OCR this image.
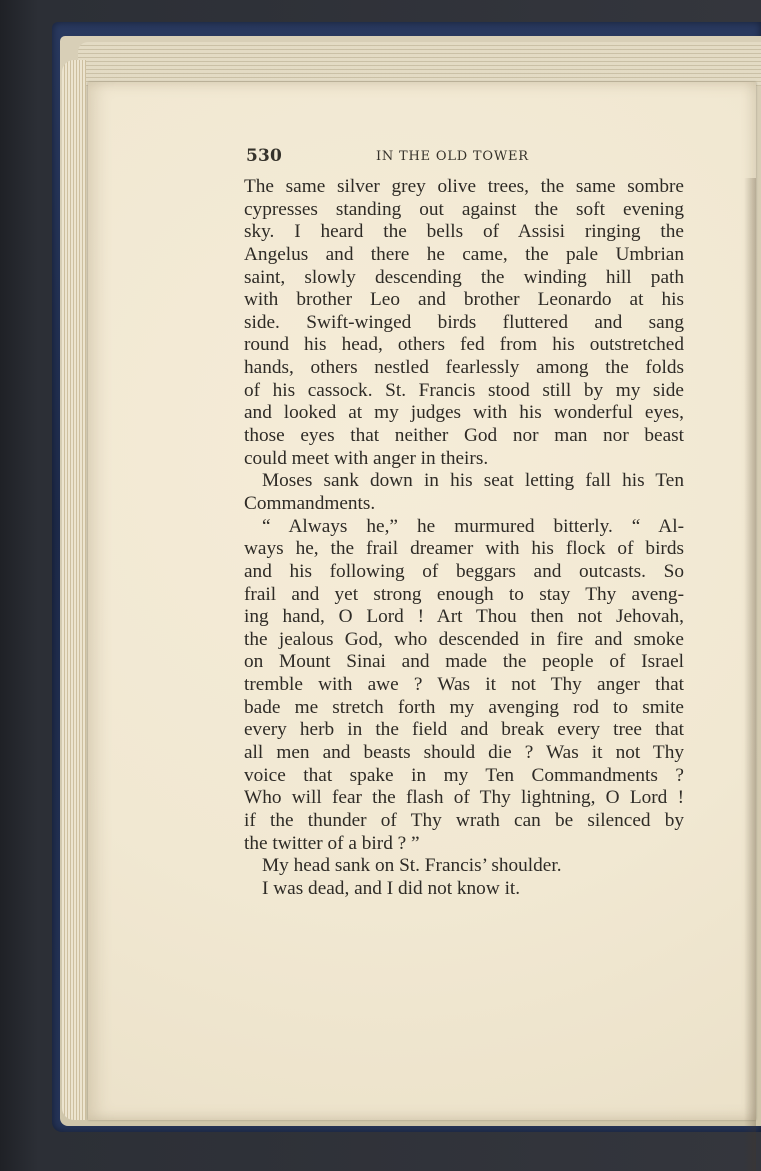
530	IN THE OLD TOWER
The same silver grey olive trees, the same sombre
cypresses standing out against the soft evening
sky. I heard the bells of Assisi ringing the
Angelus and there he came, the pale Umbrian
saint, slowly descending the winding hill path
with brother Leo and brother Leonardo at his
side. Swift-winged birds fluttered and sang
round his head, others fed from his outstretched
hands, others nestled fearlessly among the folds
of his cassock. St. Francis stood still by my side
and looked at my judges with his wonderful eyes,
those eyes that neither God nor man nor beast
could meet with anger in theirs.
Moses sank down in his seat letting fall his Ten
Commandments.
“ Always he,” he murmured bitterly. “ Al-
ways he, the frail dreamer with his flock of birds
and his following of beggars and outcasts. So
frail and yet strong enough to stay Thy aveng-
ing hand, O Lord ! Art Thou then not Jehovah,
the jealous God, who descended in fire and smoke
on Mount Sinai and made the people of Israel
tremble with awe ? Was it not Thy anger that
bade me stretch forth my avenging rod to smite
every herb in the field and break every tree that
all men and beasts should die ? Was it not Thy
voice that spake in my Ten Commandments ?
Who will fear the flash of Thy lightning, O Lord !
if the thunder of Thy wrath can be silenced by
the twitter of a bird ? ”
My head sank on St. Francis’ shoulder.
I was dead, and I did not know it.
